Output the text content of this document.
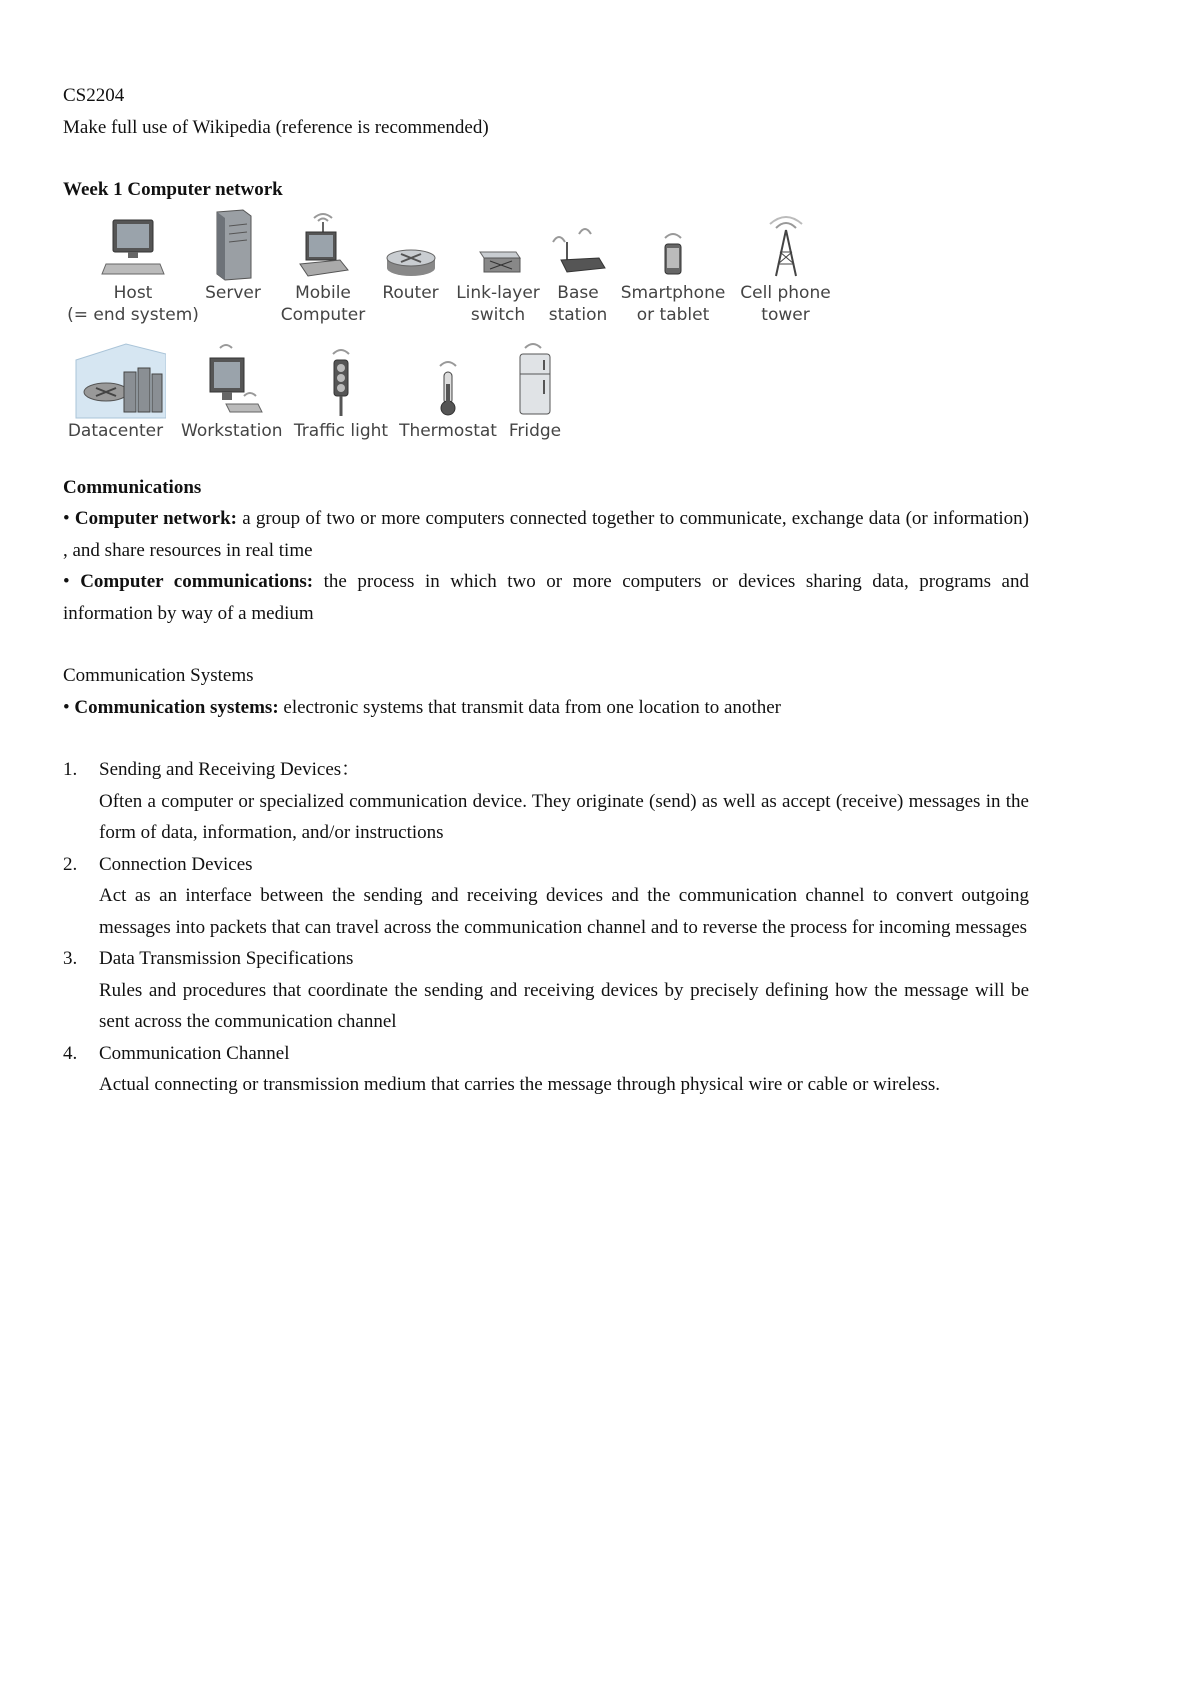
CS2204
Make full use of Wikipedia (reference is recommended)
Week 1 Computer network
Host
(= end system)
Server	Mobile
Computer
Router	Link-layer
switch
Base
station
Smartphone
or tablet
Cell phone
tower
Datacenter Workstation Traffic light Thermostat Fridge
Communications
• Computer network: a group of two or more computers connected together to communicate, exchange data (or information) , and share resources in real time
• Computer communications: the process in which two or more computers or devices sharing data, programs and information by way of a medium
Communication Systems
• Communication systems: electronic systems that transmit data from one location to another
1. Sending and Receiving Devices：
Often a computer or specialized communication device. They originate (send) as well as accept (receive) messages in the form of data, information, and/or instructions
2. Connection Devices
Act as an interface between the sending and receiving devices and the communication channel to convert outgoing messages into packets that can travel across the communication channel and to reverse the process for incoming messages
3. Data Transmission Specifications
Rules and procedures that coordinate the sending and receiving devices by precisely defining how the message will be sent across the communication channel
4. Communication Channel
Actual connecting or transmission medium that carries the message through physical wire or cable or wireless.
